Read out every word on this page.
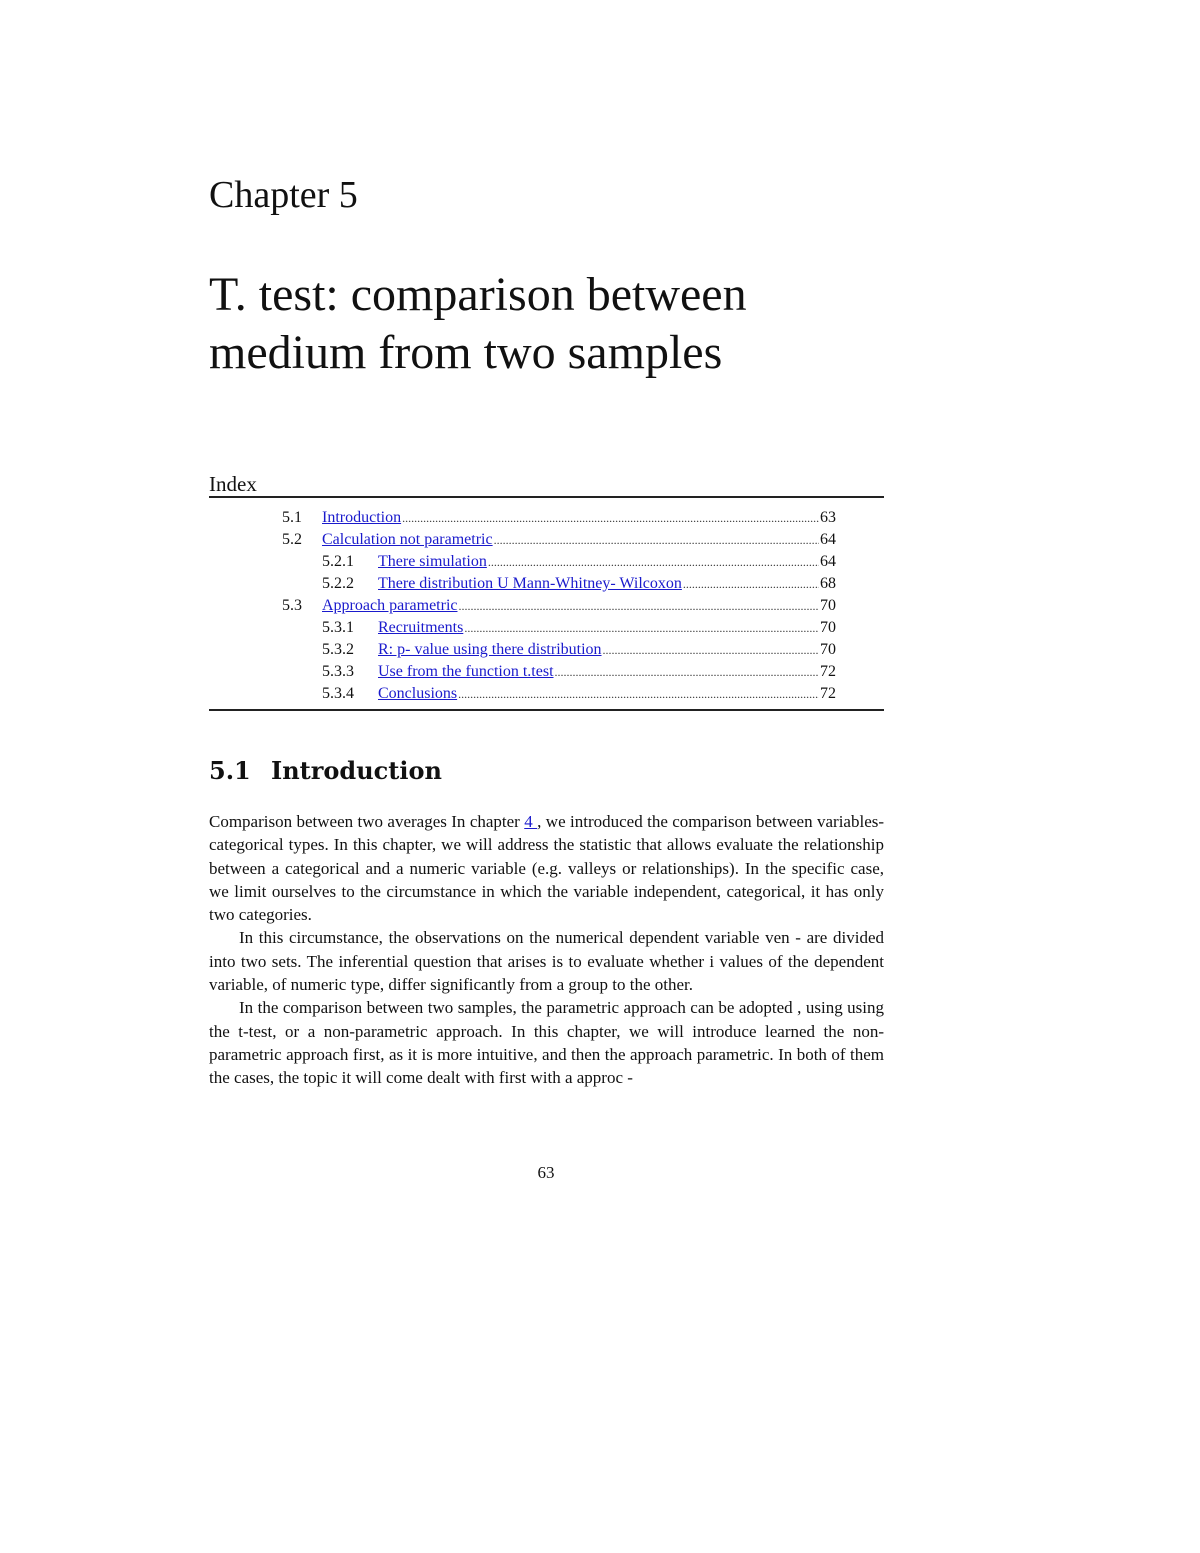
Chapter 5
T. test: comparison between
medium from two samples
Index
5.1	Introduction .....	63
5.2	Calculation not parametric .....	64
5.2.1	There simulation .....	64
5.2.2	There distribution U Mann-Whitney- Wilcoxon .....	68
5.3	Approach parametric .....	70
5.3.1	Recruitments .....	70
5.3.2	R: p- value using there distribution .....	70
5.3.3	Use from the function t.test .....	72
5.3.4	Conclusions .....	72
5.1 Introduction

Comparison between two averages In chapter 4 , we introduced the comparison between variables- categorical types. In this chapter, we will address the statistic that allows evaluate the relationship between a categorical and a numeric variable (e.g. valleys or relationships). In the specific case, we limit ourselves to the circumstance in which the variable independent, categorical, it has only two categories.

In this circumstance, the observations on the numerical dependent variable ven - are divided into two sets. The inferential question that arises is to evaluate whether i values of the dependent variable, of numeric type, differ significantly from a group to the other.

In the comparison between two samples, the parametric approach can be adopted , using using the t-test, or a non-parametric approach. In this chapter, we will introduce learned the non-parametric approach first, as it is more intuitive, and then the approach parametric. In both of them the cases, the topic it will come dealt with first with a approc -

63
